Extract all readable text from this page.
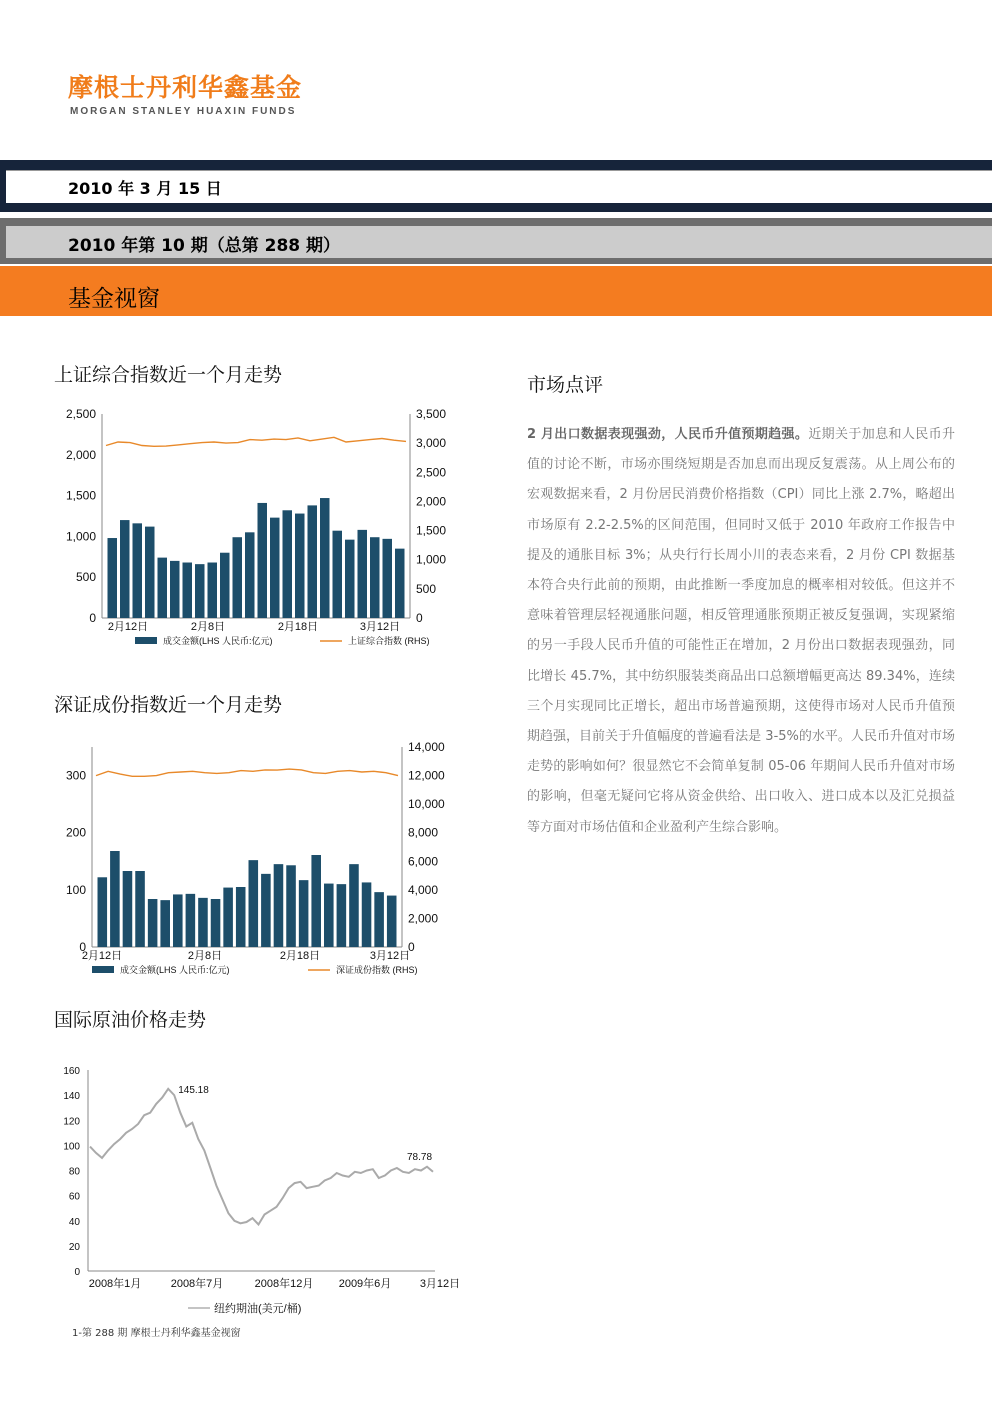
摩根士丹利华鑫基金
MORGAN STANLEY HUAXIN FUNDS
2010 年 3 月 15 日
2010 年第 10 期（总第 288 期）
基金视窗
上证综合指数近一个月走势
0
500
1,000
1,500
2,000
2,500
0
500
1,000
1,500
2,000
2,500
3,000
3,500
2月12日	2月8日	2月18日	3月12日
成交金额(LHS 人民币:亿元)	上证综合指数 (RHS)
深证成份指数近一个月走势
0
100
200
300
0
2,000
4,000
6,000
8,000
10,000
12,000
14,000
2月12日	2月8日	2月18日	3月12日
成交金额(LHS 人民币:亿元)	深证成份指数 (RHS)
国际原油价格走势
0
20
40
60
80
100
120
140
160
145.18
78.78
2008年1月	2008年7月	2008年12月 2009年6月	3月12日
纽约期油(美元/桶)
市场点评
2 月出口数据表现强劲，人民币升值预期趋强。近期关于加息和人民币升值的讨论不断，市场亦围绕短期是否加息而出现反复震荡。从上周公布的宏观数据来看，2 月份居民消费价格指数（CPI）同比上涨 2.7%，略超出市场原有 2.2-2.5%的区间范围，但同时又低于 2010 年政府工作报告中提及的通胀目标 3%；从央行行长周小川的表态来看，2 月份 CPI 数据基本符合央行此前的预期，由此推断一季度加息的概率相对较低。但这并不意味着管理层轻视通胀问题，相反管理通胀预期正被反复强调，实现紧缩的另一手段人民币升值的可能性正在增加，2 月份出口数据表现强劲，同比增长 45.7%，其中纺织服装类商品出口总额增幅更高达 89.34%，连续三个月实现同比正增长，超出市场普遍预期，这使得市场对人民币升值预期趋强，目前关于升值幅度的普遍看法是 3-5%的水平。人民币升值对市场走势的影响如何？很显然它不会简单复制 05-06 年期间人民币升值对市场的影响，但毫无疑问它将从资金供给、出口收入、进口成本以及汇兑损益等方面对市场估值和企业盈利产生综合影响。
1-第 288 期 摩根士丹利华鑫基金视窗
